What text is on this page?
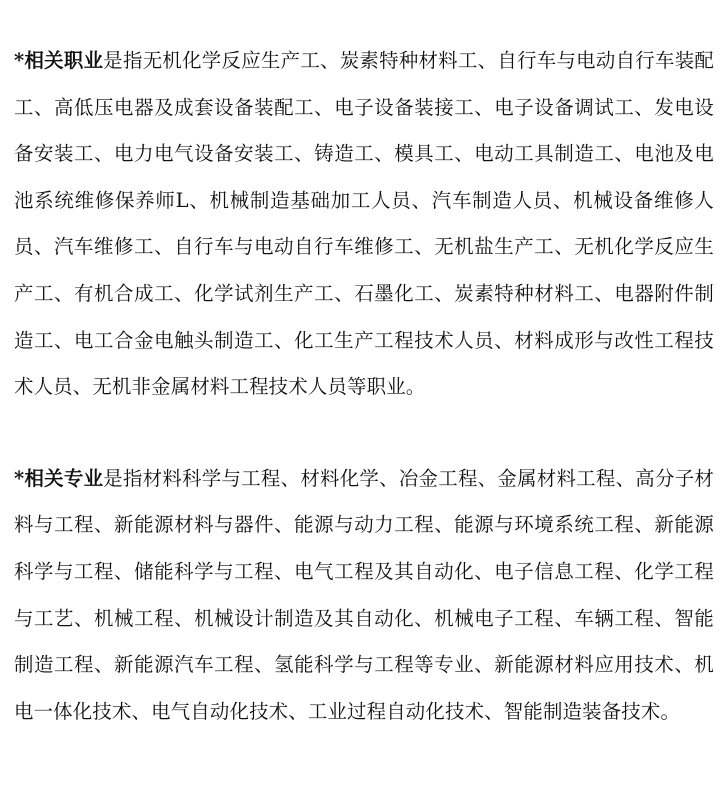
*相关职业是指无机化学反应生产工、炭素特种材料工、自行车与电动自行车装配工、高低压电器及成套设备装配工、电子设备装接工、电子设备调试工、发电设备安装工、电力电气设备安装工、铸造工、模具工、电动工具制造工、电池及电池系统维修保养师L、机械制造基础加工人员、汽车制造人员、机械设备维修人员、汽车维修工、自行车与电动自行车维修工、无机盐生产工、无机化学反应生产工、有机合成工、化学试剂生产工、石墨化工、炭素特种材料工、电器附件制造工、电工合金电触头制造工、化工生产工程技术人员、材料成形与改性工程技术人员、无机非金属材料工程技术人员等职业。

*相关专业是指材料科学与工程、材料化学、冶金工程、金属材料工程、高分子材料与工程、新能源材料与器件、能源与动力工程、能源与环境系统工程、新能源科学与工程、储能科学与工程、电气工程及其自动化、电子信息工程、化学工程与工艺、机械工程、机械设计制造及其自动化、机械电子工程、车辆工程、智能制造工程、新能源汽车工程、氢能科学与工程等专业、新能源材料应用技术、机电一体化技术、电气自动化技术、工业过程自动化技术、智能制造装备技术。
